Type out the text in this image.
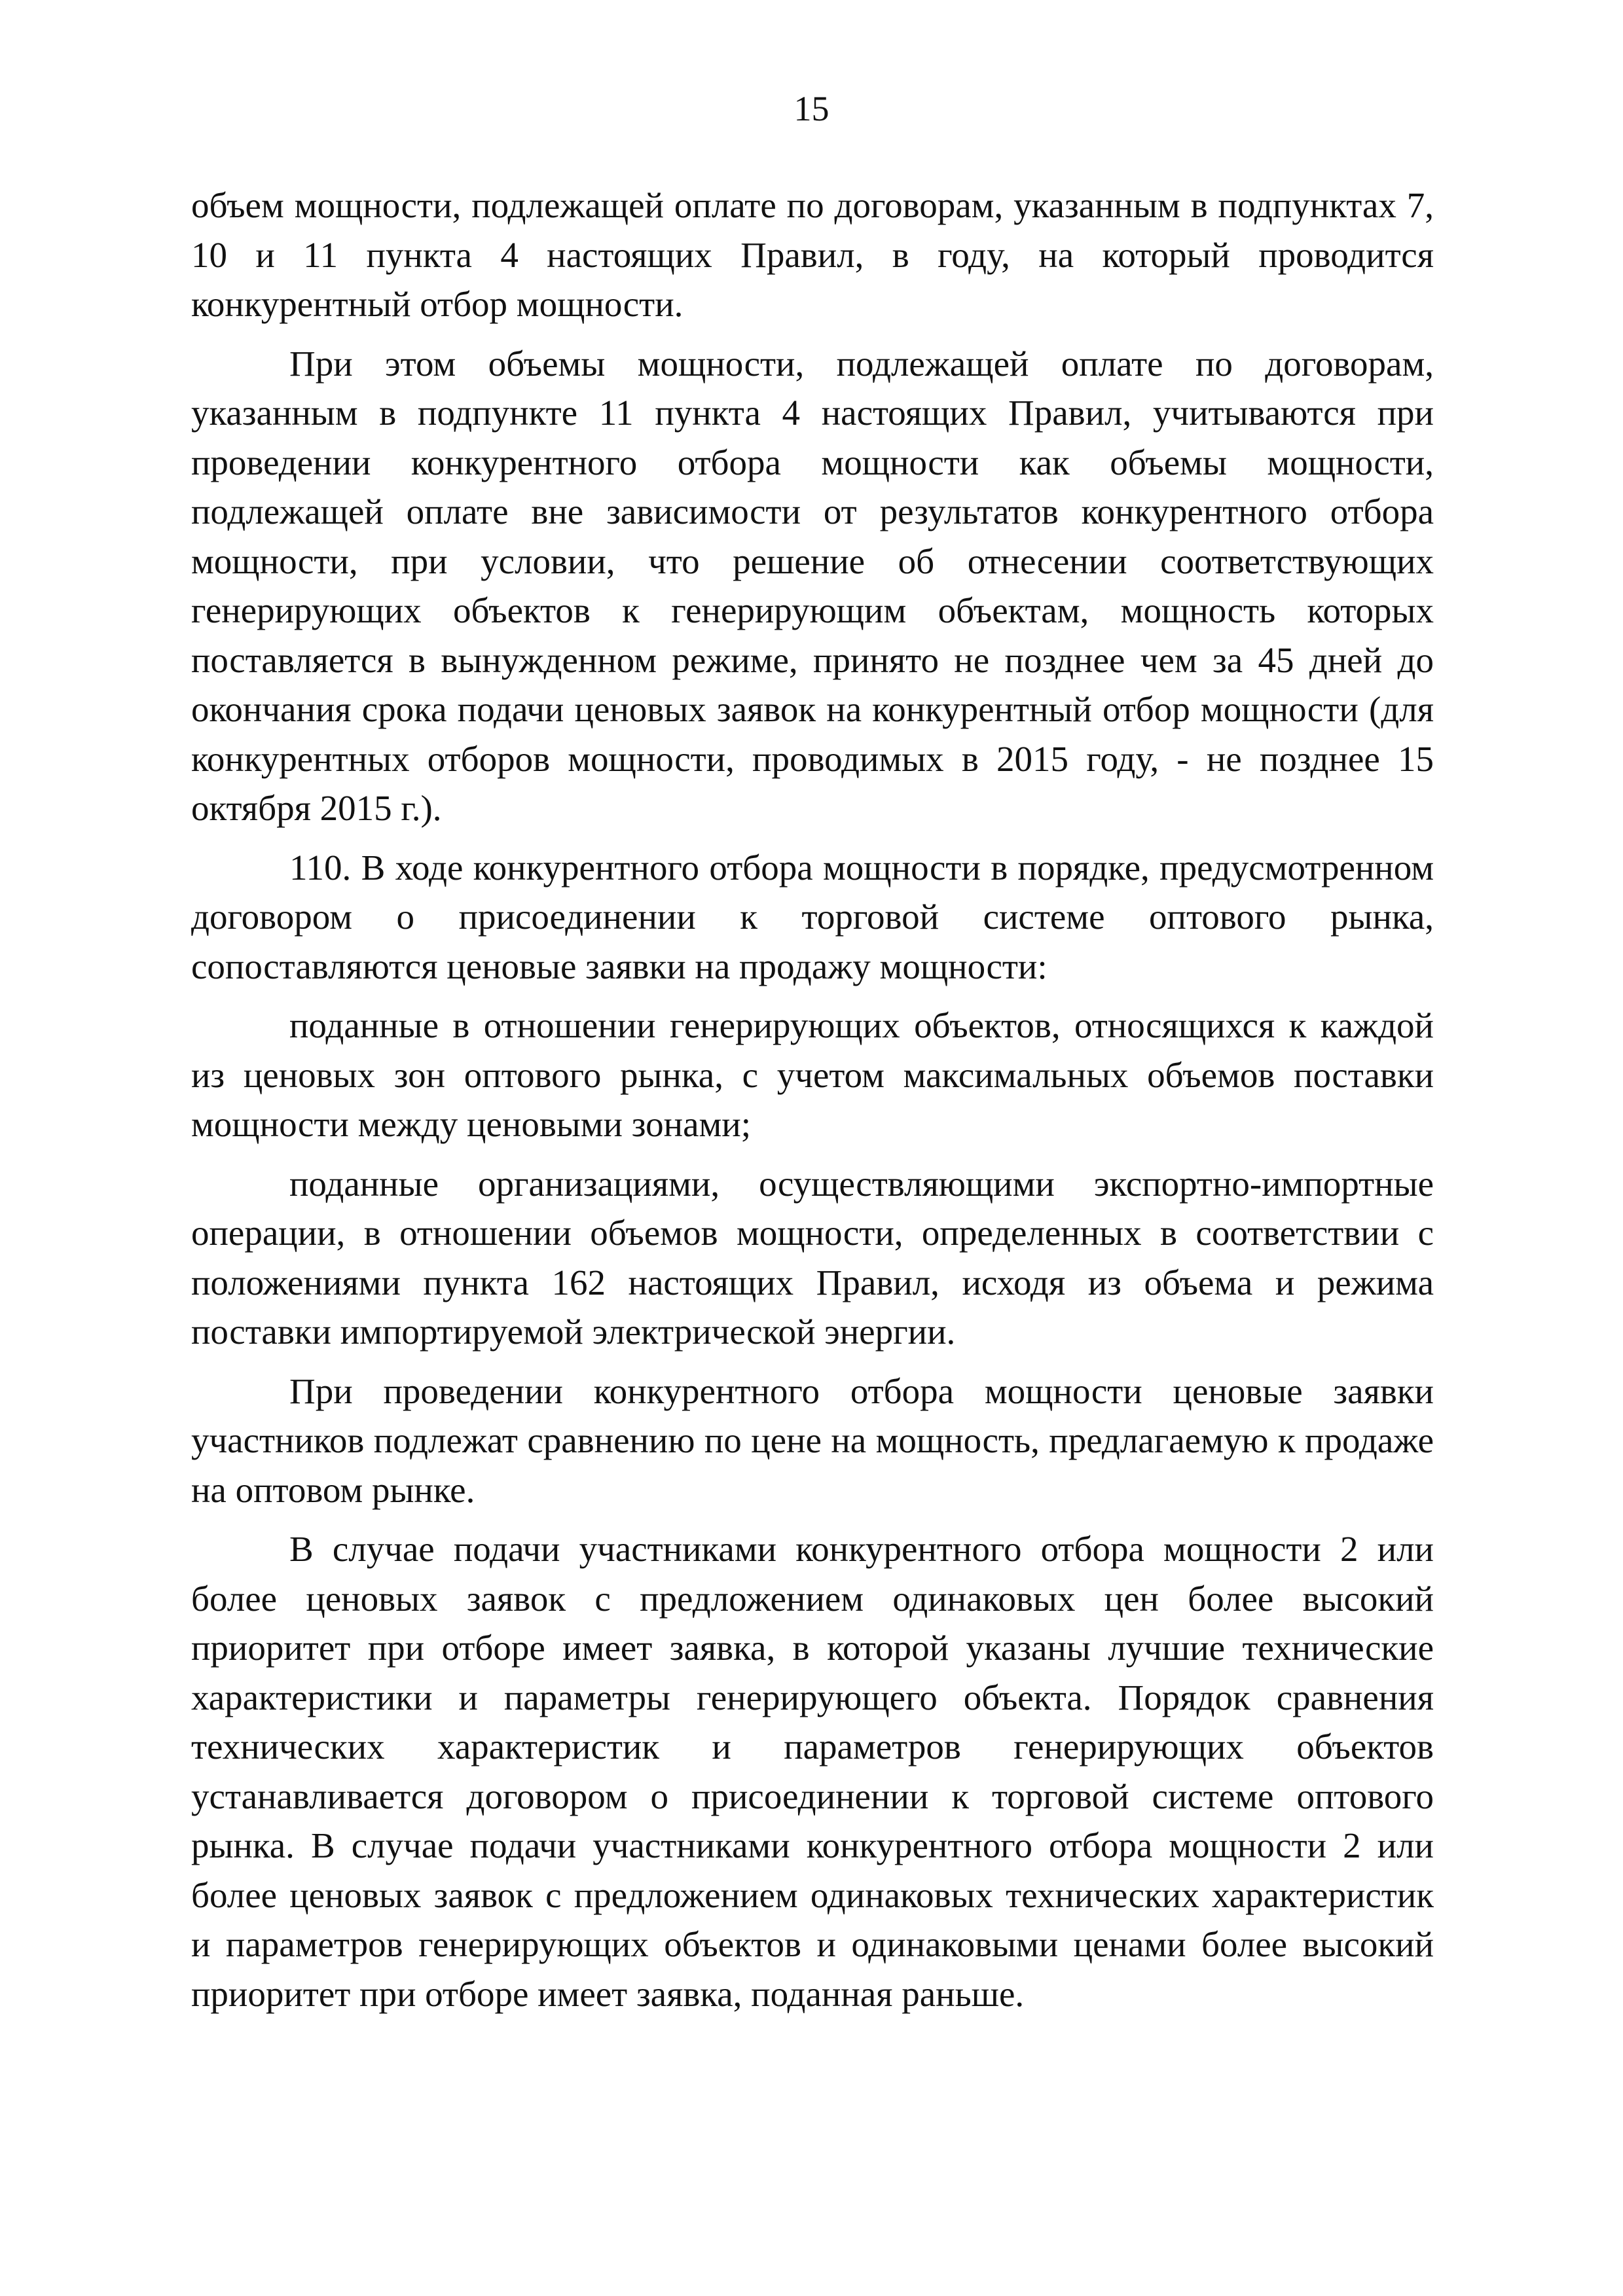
15

объем мощности, подлежащей оплате по договорам, указанным в подпунктах 7, 10 и 11 пункта 4 настоящих Правил, в году, на который проводится конкурентный отбор мощности.

При этом объемы мощности, подлежащей оплате по договорам, указанным в подпункте 11 пункта 4 настоящих Правил, учитываются при проведении конкурентного отбора мощности как объемы мощности, подлежащей оплате вне зависимости от результатов конкурентного отбора мощности, при условии, что решение об отнесении соответствующих генерирующих объектов к генерирующим объектам, мощность которых поставляется в вынужденном режиме, принято не позднее чем за 45 дней до окончания срока подачи ценовых заявок на конкурентный отбор мощности (для конкурентных отборов мощности, проводимых в 2015 году, - не позднее 15 октября 2015 г.).

110. В ходе конкурентного отбора мощности в порядке, предусмотренном договором о присоединении к торговой системе оптового рынка, сопоставляются ценовые заявки на продажу мощности:

поданные в отношении генерирующих объектов, относящихся к каждой из ценовых зон оптового рынка, с учетом максимальных объемов поставки мощности между ценовыми зонами;

поданные организациями, осуществляющими экспортно-импортные операции, в отношении объемов мощности, определенных в соответствии с положениями пункта 162 настоящих Правил, исходя из объема и режима поставки импортируемой электрической энергии.

При проведении конкурентного отбора мощности ценовые заявки участников подлежат сравнению по цене на мощность, предлагаемую к продаже на оптовом рынке.

В случае подачи участниками конкурентного отбора мощности 2 или более ценовых заявок с предложением одинаковых цен более высокий приоритет при отборе имеет заявка, в которой указаны лучшие технические характеристики и параметры генерирующего объекта. Порядок сравнения технических характеристик и параметров генерирующих объектов устанавливается договором о присоединении к торговой системе оптового рынка. В случае подачи участниками конкурентного отбора мощности 2 или более ценовых заявок с предложением одинаковых технических характеристик и параметров генерирующих объектов и одинаковыми ценами более высокий приоритет при отборе имеет заявка, поданная раньше.
